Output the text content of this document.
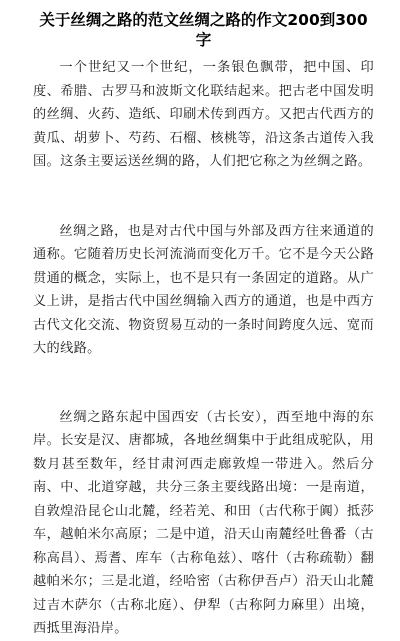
关于丝绸之路的范文丝绸之路的作文200到300字

一个世纪又一个世纪，一条银色飘带，把中国、印度、希腊、古罗马和波斯文化联结起来。把古老中国发明的丝绸、火药、造纸、印刷术传到西方。又把古代西方的黄瓜、胡萝卜、芍药、石榴、核桃等，沿这条古道传入我国。这条主要运送丝绸的路，人们把它称之为丝绸之路。

丝绸之路，也是对古代中国与外部及西方往来通道的通称。它随着历史长河流淌而变化万千。它不是今天公路贯通的概念，实际上，也不是只有一条固定的道路。从广义上讲，是指古代中国丝绸输入西方的通道，也是中西方古代文化交流、物资贸易互动的一条时间跨度久远、宽而大的线路。

丝绸之路东起中国西安（古长安），西至地中海的东岸。长安是汉、唐都城，各地丝绸集中于此组成驼队，用数月甚至数年，经甘肃河西走廊敦煌一带进入。然后分南、中、北道穿越，共分三条主要线路出境：一是南道，自敦煌沿昆仑山北麓，经若羌、和田（古代称于阗）抵莎车，越帕米尔高原；二是中道，沿天山南麓经吐鲁番（古称高昌）、焉耆、库车（古称龟兹）、喀什（古称疏勒）翻越帕米尔；三是北道，经哈密（古称伊吾卢）沿天山北麓过吉木萨尔（古称北庭）、伊犁（古称阿力麻里）出境，西抵里海沿岸。
